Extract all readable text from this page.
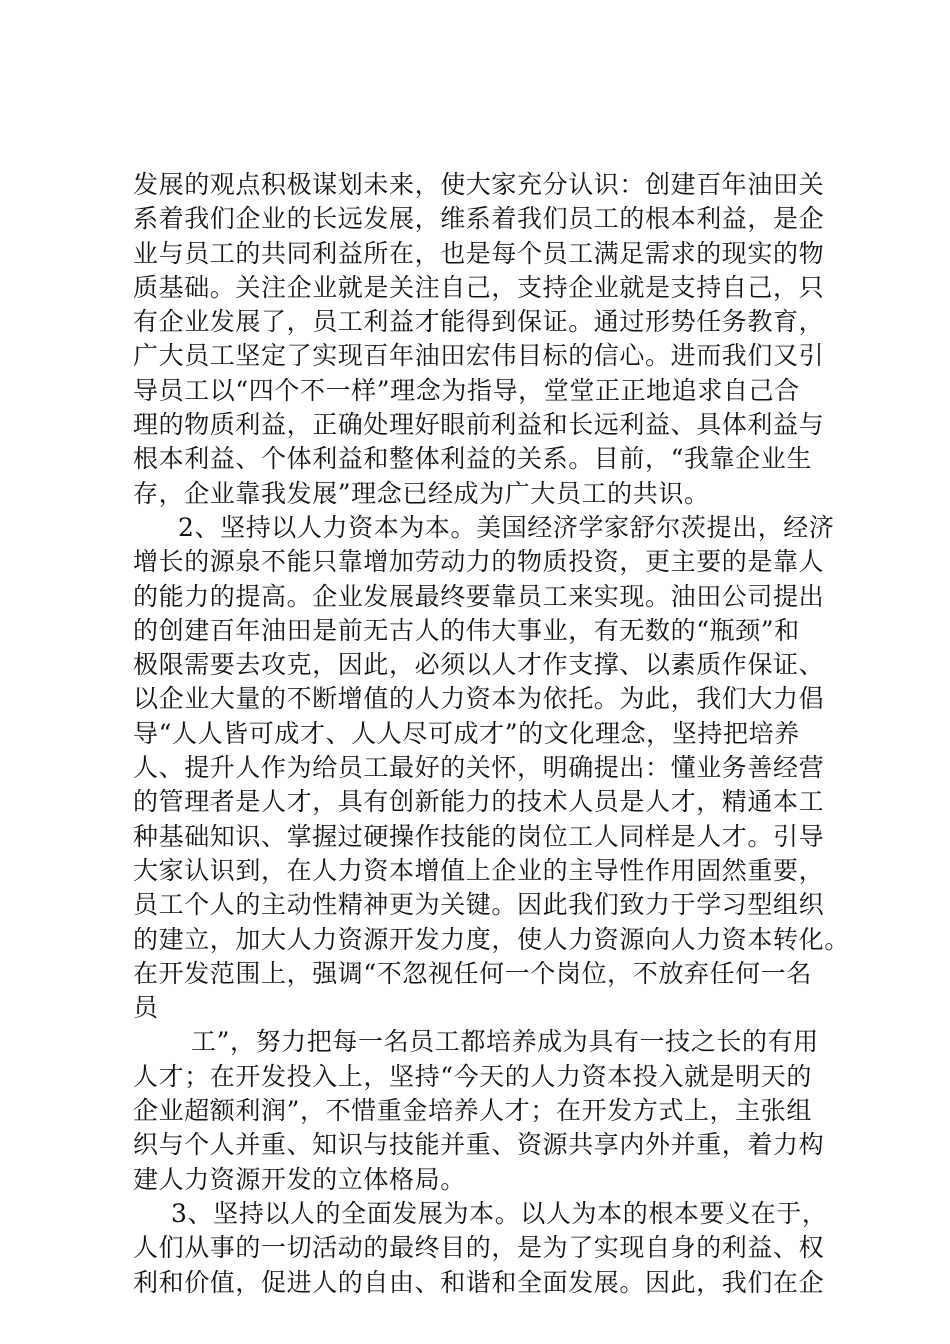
发展的观点积极谋划未来，使大家充分认识：创建百年油田关
系着我们企业的长远发展，维系着我们员工的根本利益，是企
业与员工的共同利益所在，也是每个员工满足需求的现实的物
质基础。关注企业就是关注自己，支持企业就是支持自己，只
有企业发展了，员工利益才能得到保证。通过形势任务教育，
广大员工坚定了实现百年油田宏伟目标的信心。进而我们又引
导员工以“四个不一样”理念为指导，堂堂正正地追求自己合
理的物质利益，正确处理好眼前利益和长远利益、具体利益与
根本利益、个体利益和整体利益的关系。目前，“我靠企业生
存，企业靠我发展”理念已经成为广大员工的共识。
2、坚持以人力资本为本。美国经济学家舒尔茨提出，经济
增长的源泉不能只靠增加劳动力的物质投资，更主要的是靠人
的能力的提高。企业发展最终要靠员工来实现。油田公司提出
的创建百年油田是前无古人的伟大事业，有无数的“瓶颈”和
极限需要去攻克，因此，必须以人才作支撑、以素质作保证、
以企业大量的不断增值的人力资本为依托。为此，我们大力倡
导“人人皆可成才、人人尽可成才”的文化理念，坚持把培养
人、提升人作为给员工最好的关怀，明确提出：懂业务善经营
的管理者是人才，具有创新能力的技术人员是人才，精通本工
种基础知识、掌握过硬操作技能的岗位工人同样是人才。引导
大家认识到，在人力资本增值上企业的主导性作用固然重要，
员工个人的主动性精神更为关键。因此我们致力于学习型组织
的建立，加大人力资源开发力度，使人力资源向人力资本转化。
在开发范围上，强调“不忽视任何一个岗位，不放弃任何一名
员
工”，努力把每一名员工都培养成为具有一技之长的有用
人才；在开发投入上，坚持“今天的人力资本投入就是明天的
企业超额利润”，不惜重金培养人才；在开发方式上，主张组
织与个人并重、知识与技能并重、资源共享内外并重，着力构
建人力资源开发的立体格局。
3、坚持以人的全面发展为本。以人为本的根本要义在于，
人们从事的一切活动的最终目的，是为了实现自身的利益、权
利和价值，促进人的自由、和谐和全面发展。因此，我们在企
